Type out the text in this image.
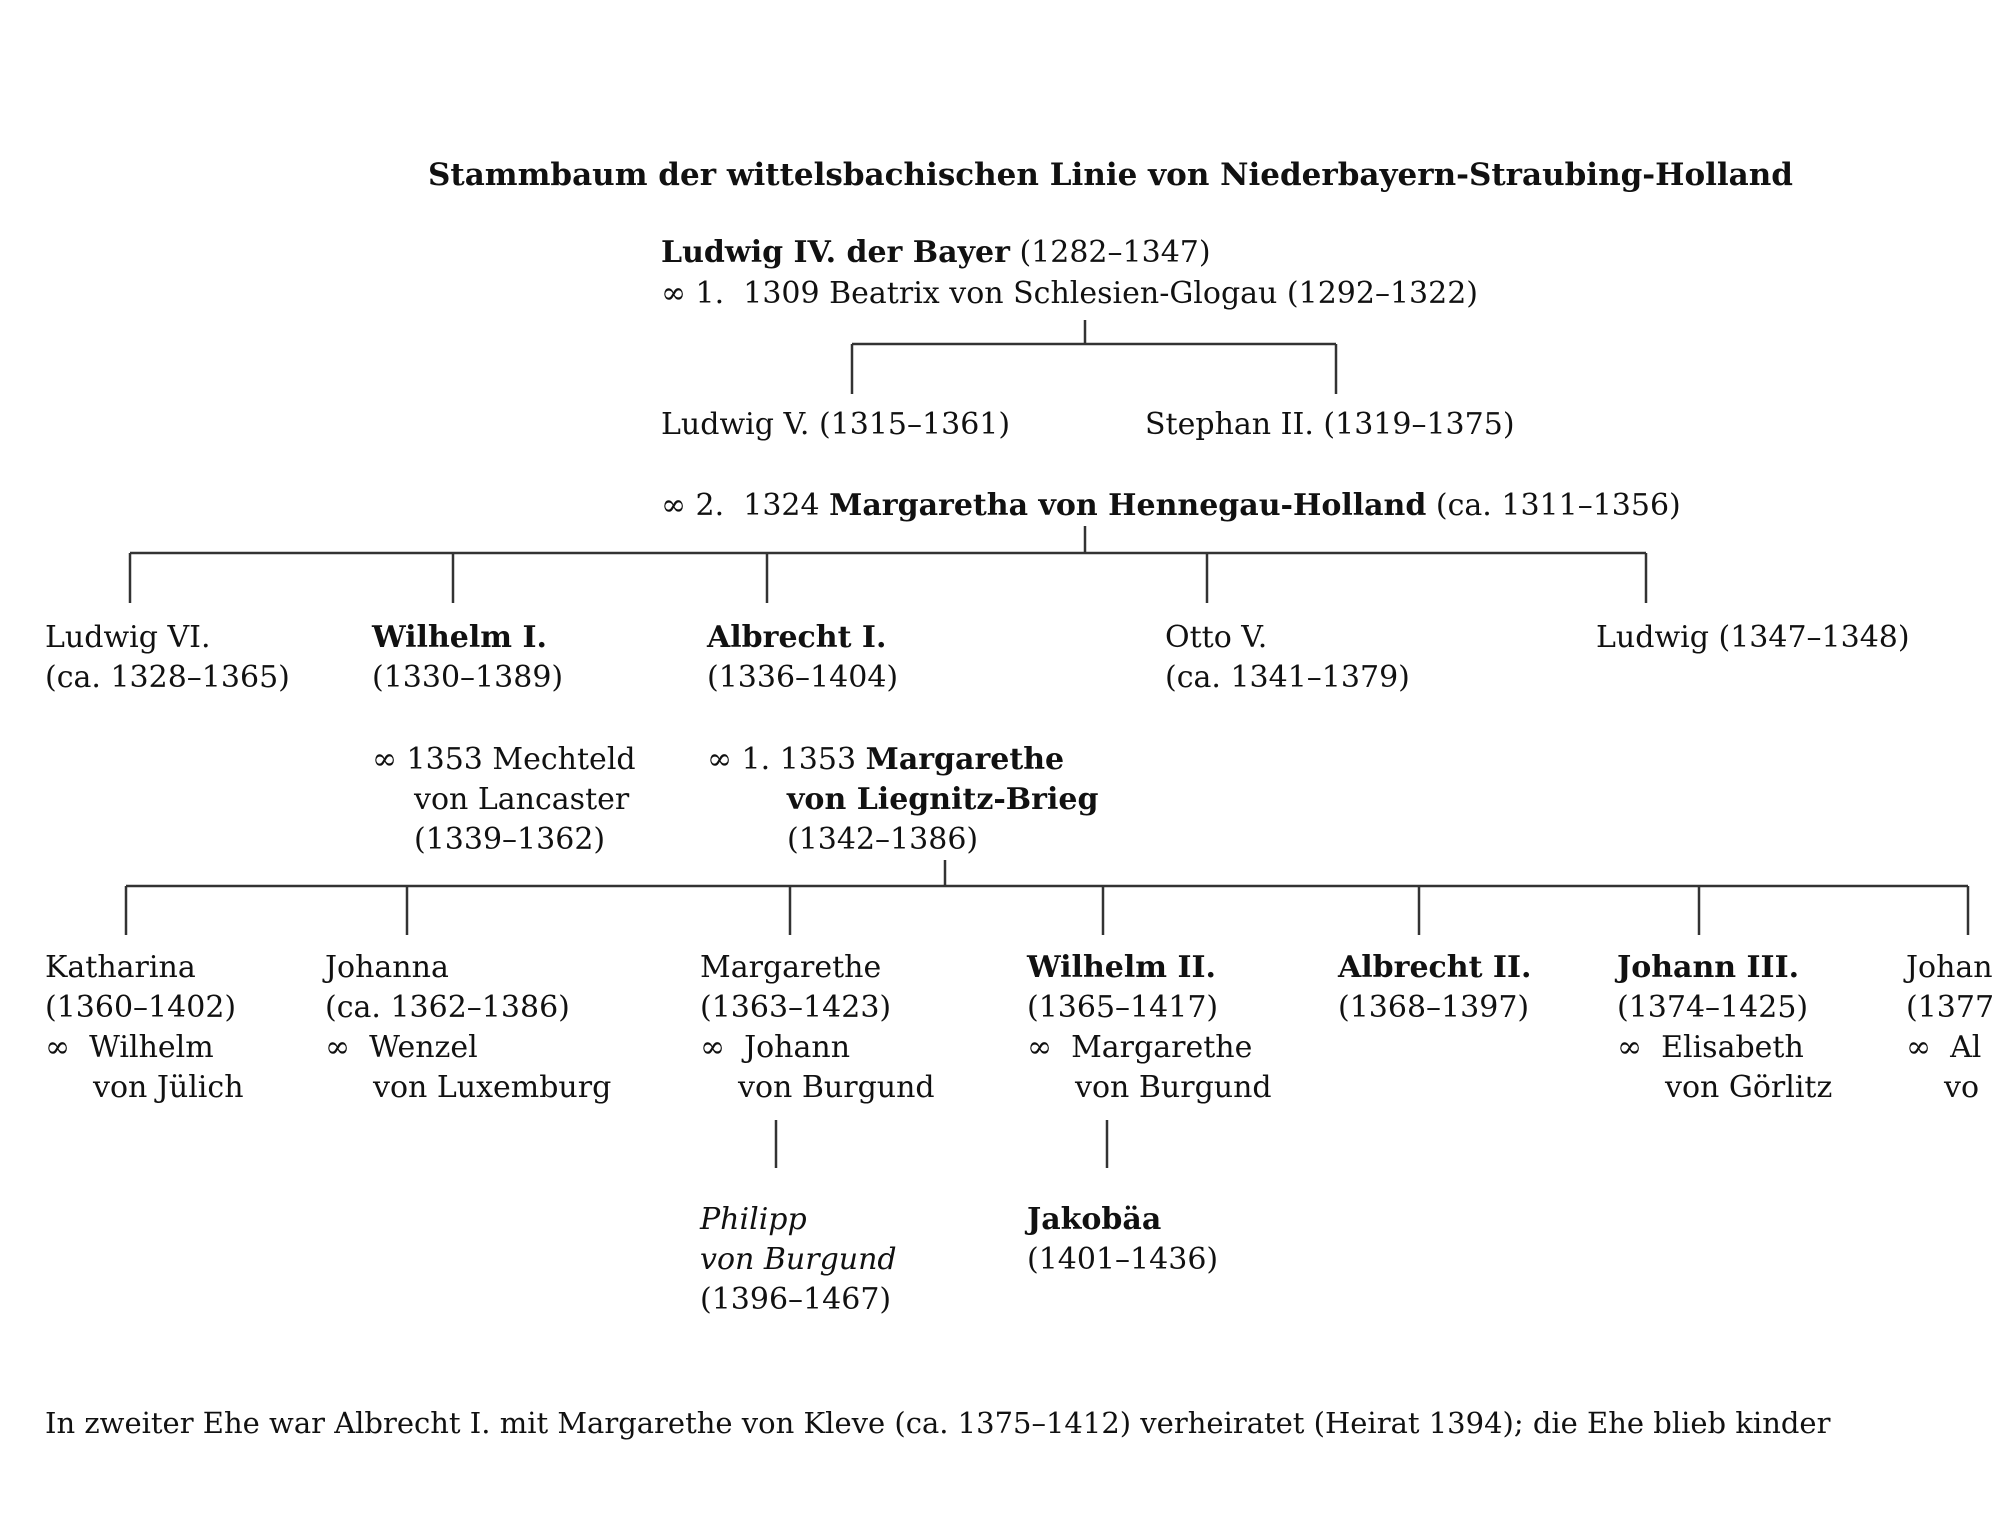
Stammbaum der wittelsbachischen Linie von Niederbayern-Straubing-Holland
Ludwig IV. der Bayer (1282–1347)
∞ 1. 1309 Beatrix von Schlesien-Glogau (1292–1322)
Ludwig V. (1315–1361)	Stephan II. (1319–1375)
∞ 2. 1324 Margaretha von Hennegau-Holland (ca. 1311–1356)
Ludwig VI.
(ca. 1328–1365)
Wilhelm I.
(1330–1389)
Albrecht I.
(1336–1404)
Otto V.
(ca. 1341–1379)
Ludwig (1347–1348)
∞ 1353 Mechteld
von Lancaster
(1339–1362)
∞ 1. 1353 Margarethe
von Liegnitz-Brieg
(1342–1386)
Katharina
(1360–1402)
∞ Wilhelm
von Jülich
Johanna
(ca. 1362–1386)
∞ Wenzel
von Luxemburg
Margarethe
(1363–1423)
∞ Johann
von Burgund
Wilhelm II.
(1365–1417)
∞ Margarethe
von Burgund
Albrecht II.
(1368–1397)
Johann III.
(1374–1425)
∞ Elisabeth
von Görlitz
Johan
(1377
∞ Al
vo
Philipp
von Burgund
(1396–1467)
Jakobäa
(1401–1436)
In zweiter Ehe war Albrecht I. mit Margarethe von Kleve (ca. 1375–1412) verheiratet (Heirat 1394); die Ehe blieb kinder
